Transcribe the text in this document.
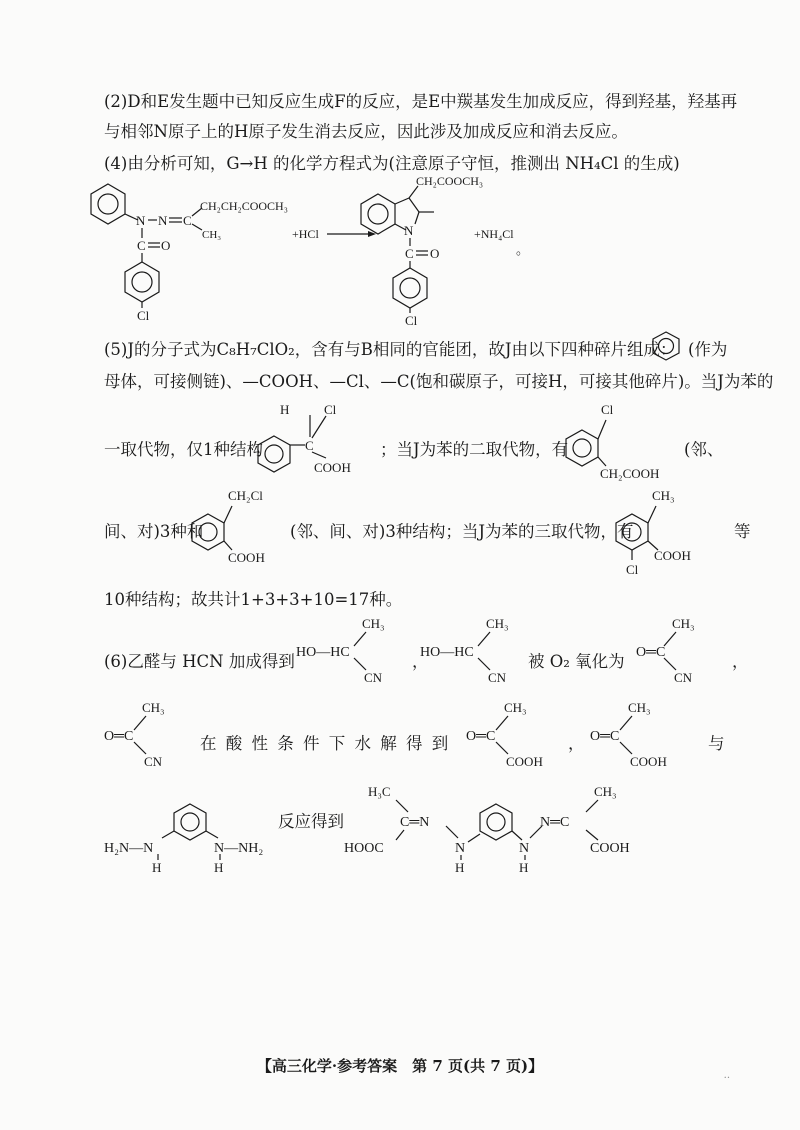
(2)D和E发生题中已知反应生成F的反应，是E中羰基发生加成反应，得到羟基，羟基再
与相邻N原子上的H原子发生消去反应，因此涉及加成反应和消去反应。
(4)由分析可知，G→H 的化学方程式为(注意原子守恒，推测出 NH₄Cl 的生成)
N N C
CH₂CH₂COOCH₃
CH₃
C O
Cl
+HCl	N
CH₂COOCH₃
C O
Cl
+NH₄Cl
。
(5)J的分子式为C₈H₇ClO₂，含有与B相同的官能团，故J由以下四种碎片组成： (作为
母体，可接侧链)、—COOH、—Cl、—C(饱和碳原子，可接H，可接其他碎片)。当J为苯的
一取代物，仅1种结构	C
H	Cl
COOH
；当J为苯的二取代物，有
Cl
CH₂COOH
(邻、
间、对)3种和
CH₂Cl
COOH
(邻、间、对)3种结构；当J为苯的三取代物，有
CH₃
COOH
Cl
等
10种结构；故共计1+3+3+10=17种。
(6)乙醛与 HCN 加成得到 HO—HC
CH₃
CN
，
HO—HC
CH₃
CN
被 O₂ 氧化为 O═C
CH₃
CN
，
O═C
CH₃
CN
在 酸 性 条 件 下 水 解 得 到 O═C
CH₃
COOH
， O═C
CH₃
COOH
与
H₂N—N
H
N—NH₂
H
反应得到
H₃C
C═N
HOOC	N
H
N
H
N═C
CH₃
COOH
【高三化学·参考答案　第 7 页(共 7 页)】
..
